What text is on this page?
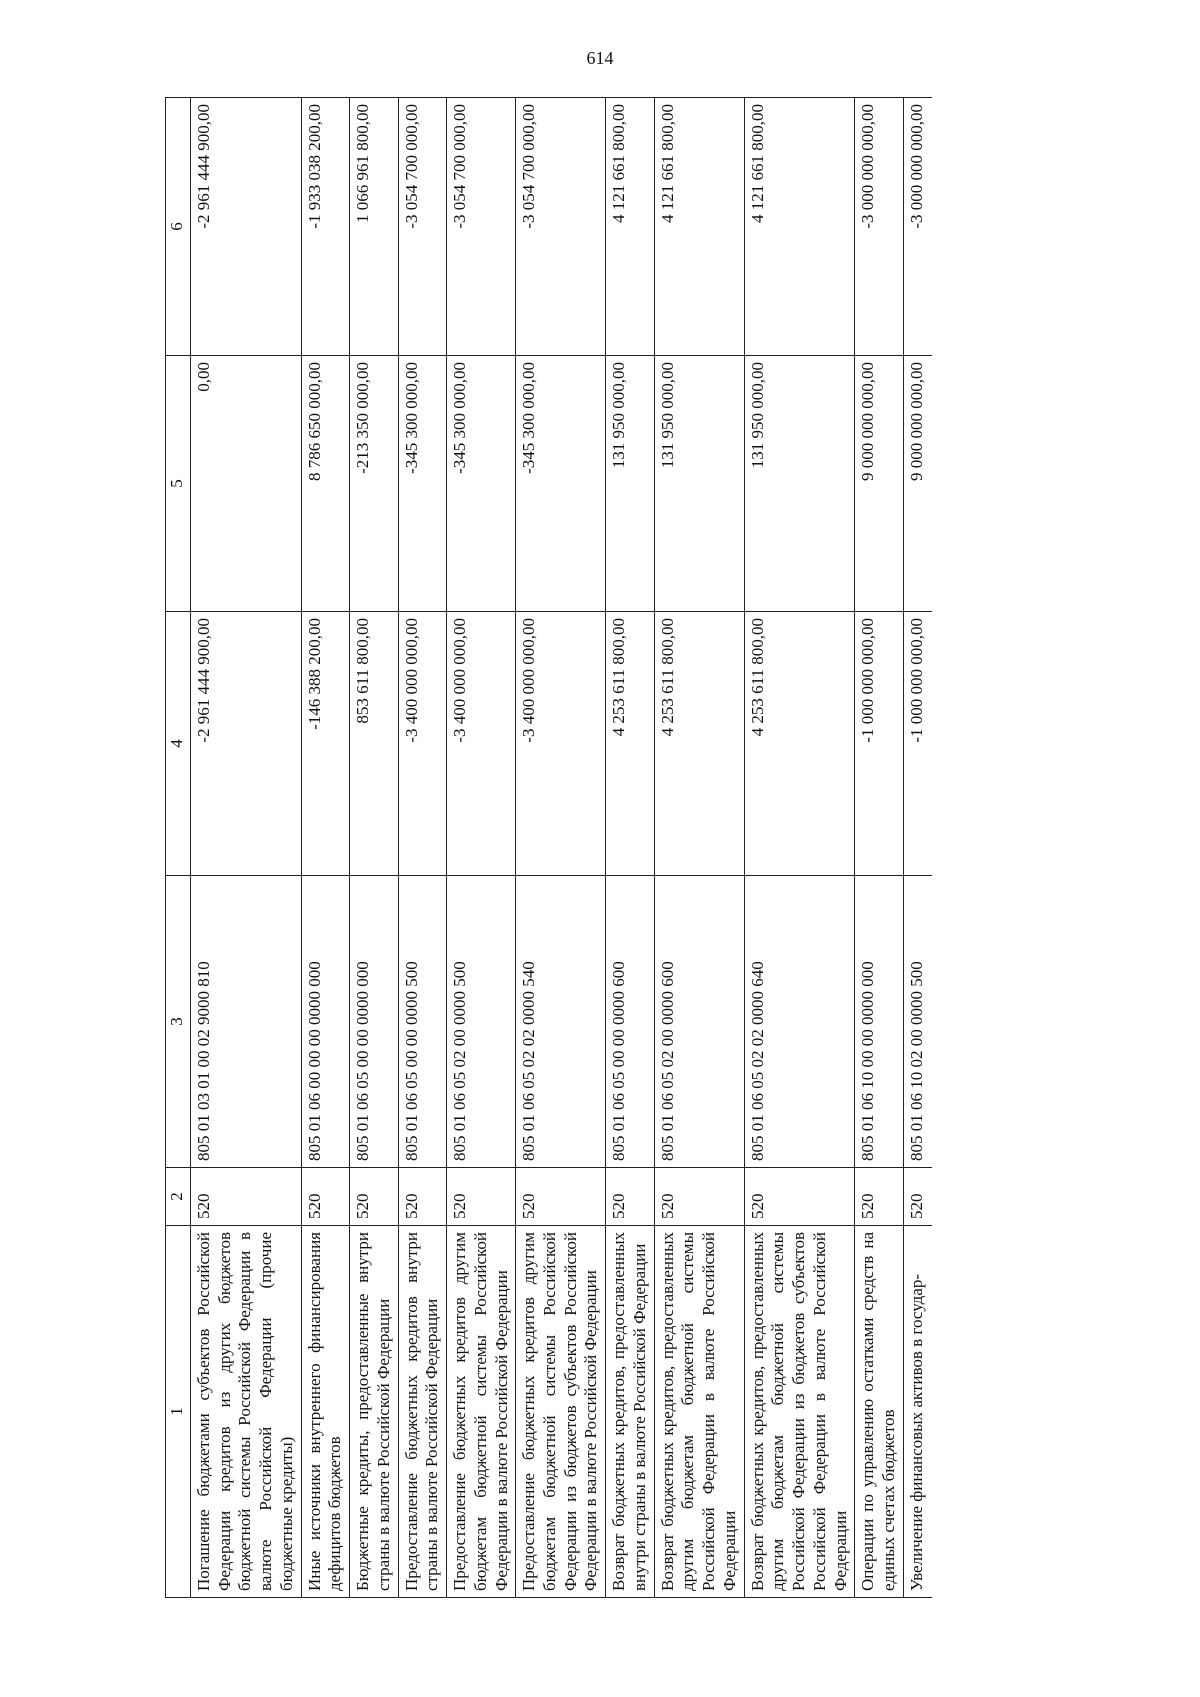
614
1	2	3	4	5	6
Погашение бюджетами субъектов Российской Федерации кредитов из других бюджетов бюджетной системы Российской Федерации в валюте Российской Федерации (прочие бюджетные кредиты)	520	805 01 03 01 00 02 9000 810	-2 961 444 900,00	0,00	-2 961 444 900,00
Иные источники внутреннего финансирования дефицитов бюджетов	520	805 01 06 00 00 00 0000 000	-146 388 200,00	8 786 650 000,00	-1 933 038 200,00
Бюджетные кредиты, предоставленные внутри страны в валюте Российской Федерации	520	805 01 06 05 00 00 0000 000	853 611 800,00	-213 350 000,00	1 066 961 800,00
Предоставление бюджетных кредитов внутри страны в валюте Российской Федерации	520	805 01 06 05 00 00 0000 500	-3 400 000 000,00	-345 300 000,00	-3 054 700 000,00
Предоставление бюджетных кредитов другим бюджетам бюджетной системы Российской Федерации в валюте Российской Федерации	520	805 01 06 05 02 00 0000 500	-3 400 000 000,00	-345 300 000,00	-3 054 700 000,00
Предоставление бюджетных кредитов другим бюджетам бюджетной системы Российской Федерации из бюджетов субъектов Российской Федерации в валюте Российской Федерации	520	805 01 06 05 02 02 0000 540	-3 400 000 000,00	-345 300 000,00	-3 054 700 000,00
Возврат бюджетных кредитов, предоставленных внутри страны в валюте Российской Федерации	520	805 01 06 05 00 00 0000 600	4 253 611 800,00	131 950 000,00	4 121 661 800,00
Возврат бюджетных кредитов, предоставленных другим бюджетам бюджетной системы Российской Федерации в валюте Российской Федерации	520	805 01 06 05 02 00 0000 600	4 253 611 800,00	131 950 000,00	4 121 661 800,00
Возврат бюджетных кредитов, предоставленных другим бюджетам бюджетной системы Российской Федерации из бюджетов субъектов Российской Федерации в валюте Российской Федерации	520	805 01 06 05 02 02 0000 640	4 253 611 800,00	131 950 000,00	4 121 661 800,00
Операции по управлению остатками средств на единых счетах бюджетов	520	805 01 06 10 00 00 0000 000	-1 000 000 000,00	9 000 000 000,00	-3 000 000 000,00
Увеличение финансовых активов в государ-	520	805 01 06 10 02 00 0000 500	-1 000 000 000,00	9 000 000 000,00	-3 000 000 000,00
